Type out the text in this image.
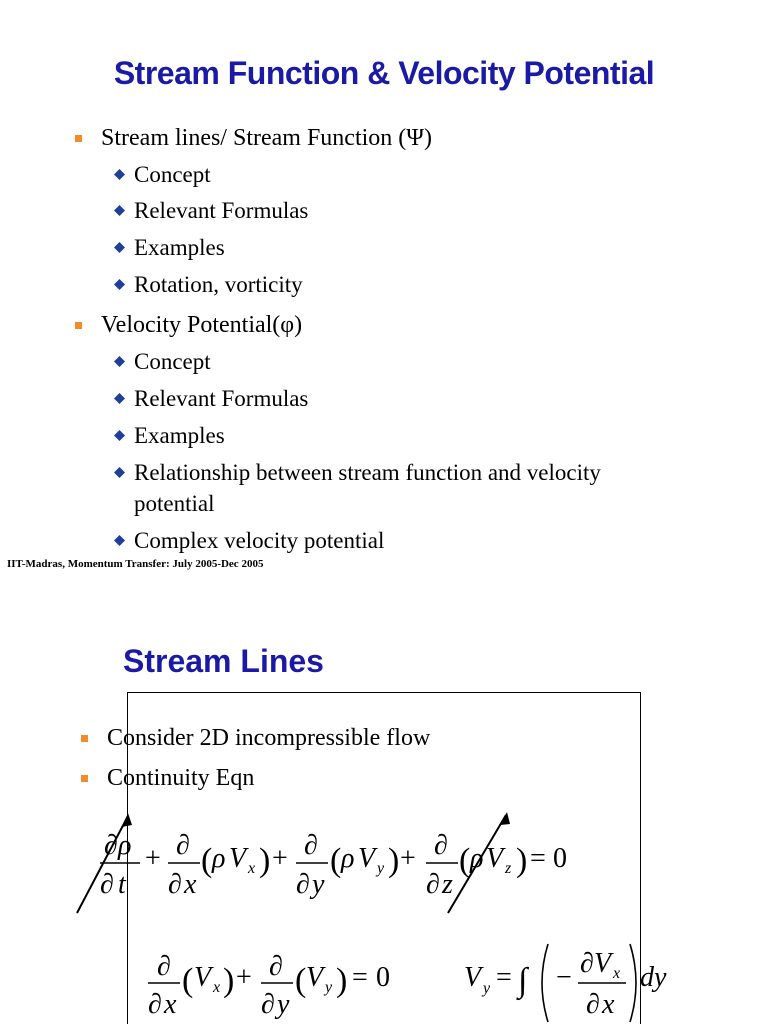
Stream Function & Velocity Potential
Stream lines/ Stream Function (Ψ)
Concept
Relevant Formulas
Examples
Rotation, vorticity
Velocity Potential(φ)
Concept
Relevant Formulas
Examples
Relationship between stream function and velocity
potential
Complex velocity potential
IIT-Madras, Momentum Transfer: July 2005-Dec 2005
Stream Lines
Consider 2D incompressible flow
Continuity Eqn
∂ ρ
∂ t
+ ∂
∂ x
( ρ V x ) + ∂
∂ y
( ρ V y ) + ∂
∂ z
( ρ V z ) = 0
∂
∂ x
( V x ) + ∂
∂ y
( V y ) = 0	V y = ∫ − ∂ V x
∂ x
dy
